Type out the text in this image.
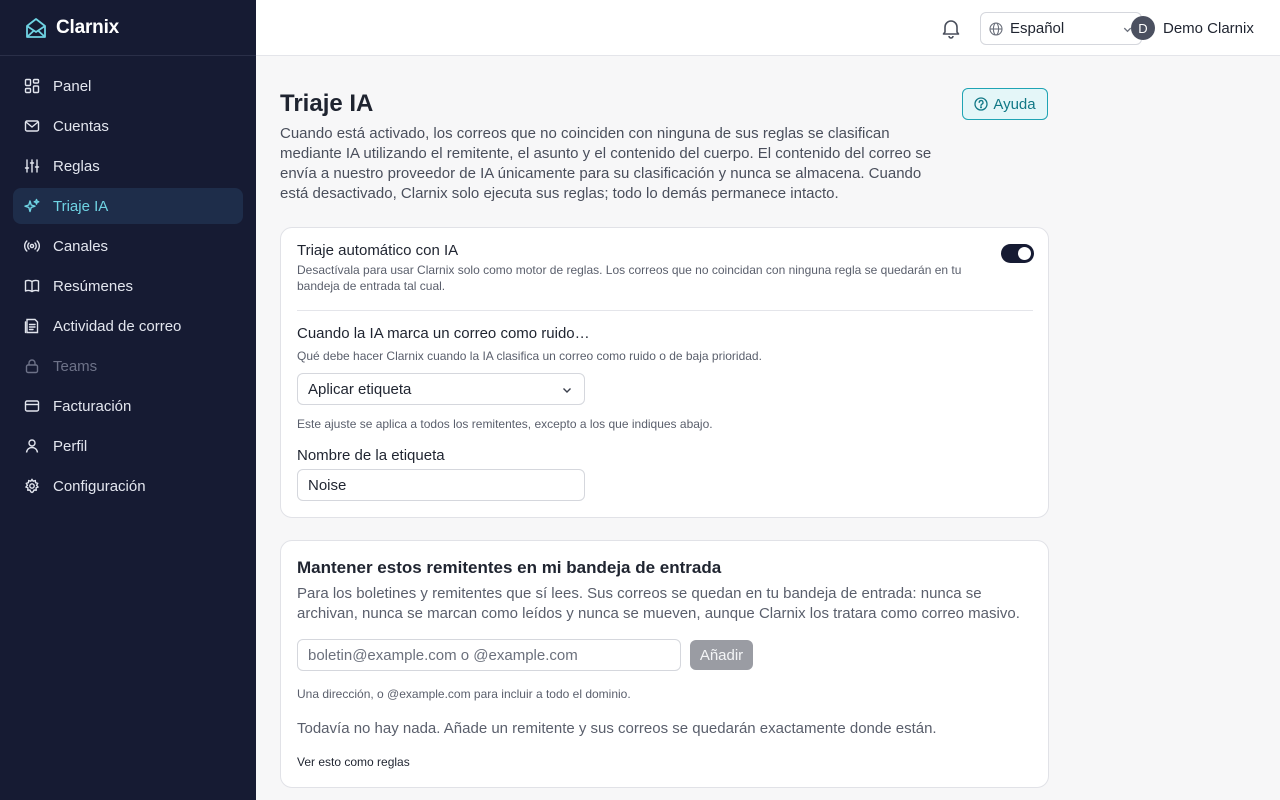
Clarnix
Panel
Cuentas
Reglas
Triaje IA
Canales
Resúmenes
Actividad de correo
Teams
Facturación
Perfil
Configuración
Español	D	Demo Clarnix
Triaje IA	Ayuda

Cuando está activado, los correos que no coinciden con ninguna de sus reglas se clasifican mediante IA utilizando el remitente, el asunto y el contenido del cuerpo. El contenido del correo se envía a nuestro proveedor de IA únicamente para su clasificación y nunca se almacena. Cuando está desactivado, Clarnix solo ejecuta sus reglas; todo lo demás permanece intacto.

Triaje automático con IA
Desactívala para usar Clarnix solo como motor de reglas. Los correos que no coincidan con ninguna regla se quedarán en tu bandeja de entrada tal cual.
Cuando la IA marca un correo como ruido…
Qué debe hacer Clarnix cuando la IA clasifica un correo como ruido o de baja prioridad.
Aplicar etiqueta
Este ajuste se aplica a todos los remitentes, excepto a los que indiques abajo.
Nombre de la etiqueta
Noise
Mantener estos remitentes en mi bandeja de entrada

Para los boletines y remitentes que sí lees. Sus correos se quedan en tu bandeja de entrada: nunca se archivan, nunca se marcan como leídos y nunca se mueven, aunque Clarnix los tratara como correo masivo.

boletin@example.com o @example.com	Añadir
Una dirección, o @example.com para incluir a todo el dominio.

Todavía no hay nada. Añade un remitente y sus correos se quedarán exactamente donde están.

Ver esto como reglas
